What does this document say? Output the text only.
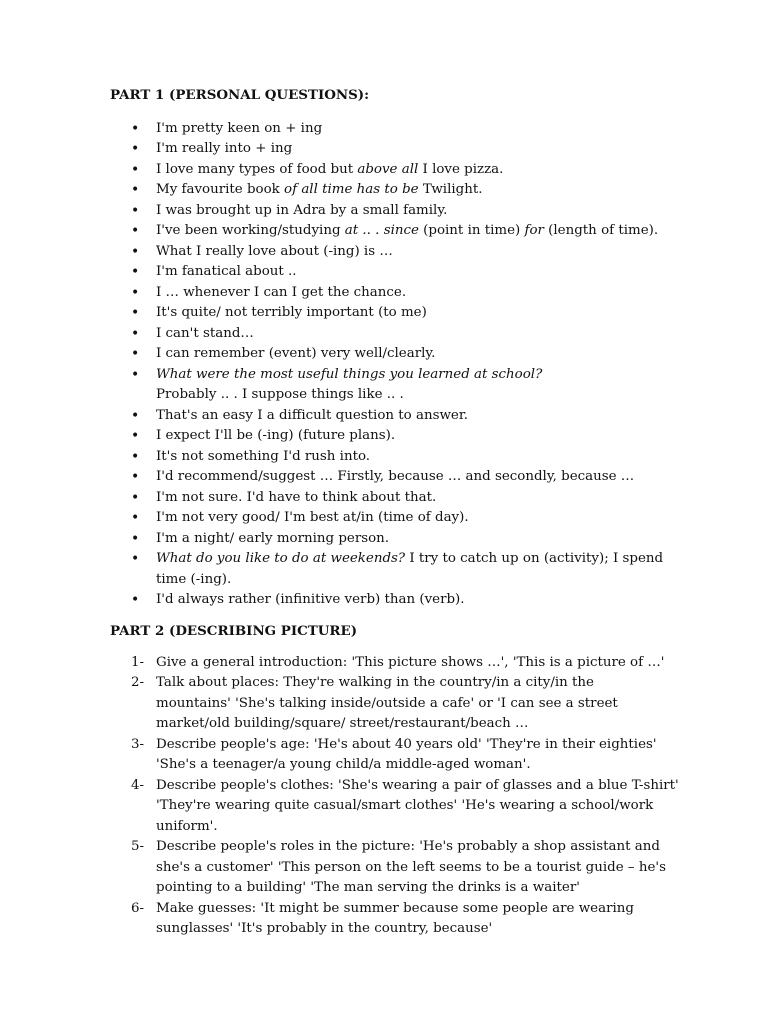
PART 1 (PERSONAL QUESTIONS):
• I'm pretty keen on + ing
• I'm really into + ing
• I love many types of food but above all I love pizza.
• My favourite book of all time has to be Twilight.
• I was brought up in Adra by a small family.
• I've been working/studying at .. . since (point in time) for (length of time).
• What I really love about (-ing) is …
• I'm fanatical about ..
• I … whenever I can I get the chance.
• It's quite/ not terribly important (to me)
• I can't stand…
• I can remember (event) very well/clearly.
• What were the most useful things you learned at school?
Probably .. . I suppose things like .. .
• That's an easy I a difficult question to answer.
• I expect I'll be (-ing) (future plans).
• It's not something I'd rush into.
• I'd recommend/suggest … Firstly, because … and secondly, because …
• I'm not sure. I'd have to think about that.
• I'm not very good/ I'm best at/in (time of day).
• I'm a night/ early morning person.
• What do you like to do at weekends? I try to catch up on (activity); I spend
time (-ing).
• I'd always rather (infinitive verb) than (verb).
PART 2 (DESCRIBING PICTURE)
1- Give a general introduction: 'This picture shows …', 'This is a picture of …'
2- Talk about places: They're walking in the country/in a city/in the
mountains' 'She's talking inside/outside a cafe' or 'I can see a street
market/old building/square/ street/restaurant/beach …
3- Describe people's age: 'He's about 40 years old' 'They're in their eighties'
'She's a teenager/a young child/a middle-aged woman'.
4- Describe people's clothes: 'She's wearing a pair of glasses and a blue T-shirt'
'They're wearing quite casual/smart clothes' 'He's wearing a school/work
uniform'.
5- Describe people's roles in the picture: 'He's probably a shop assistant and
she's a customer' 'This person on the left seems to be a tourist guide – he's
pointing to a building' 'The man serving the drinks is a waiter'
6- Make guesses: 'It might be summer because some people are wearing
sunglasses' 'It's probably in the country, because'
